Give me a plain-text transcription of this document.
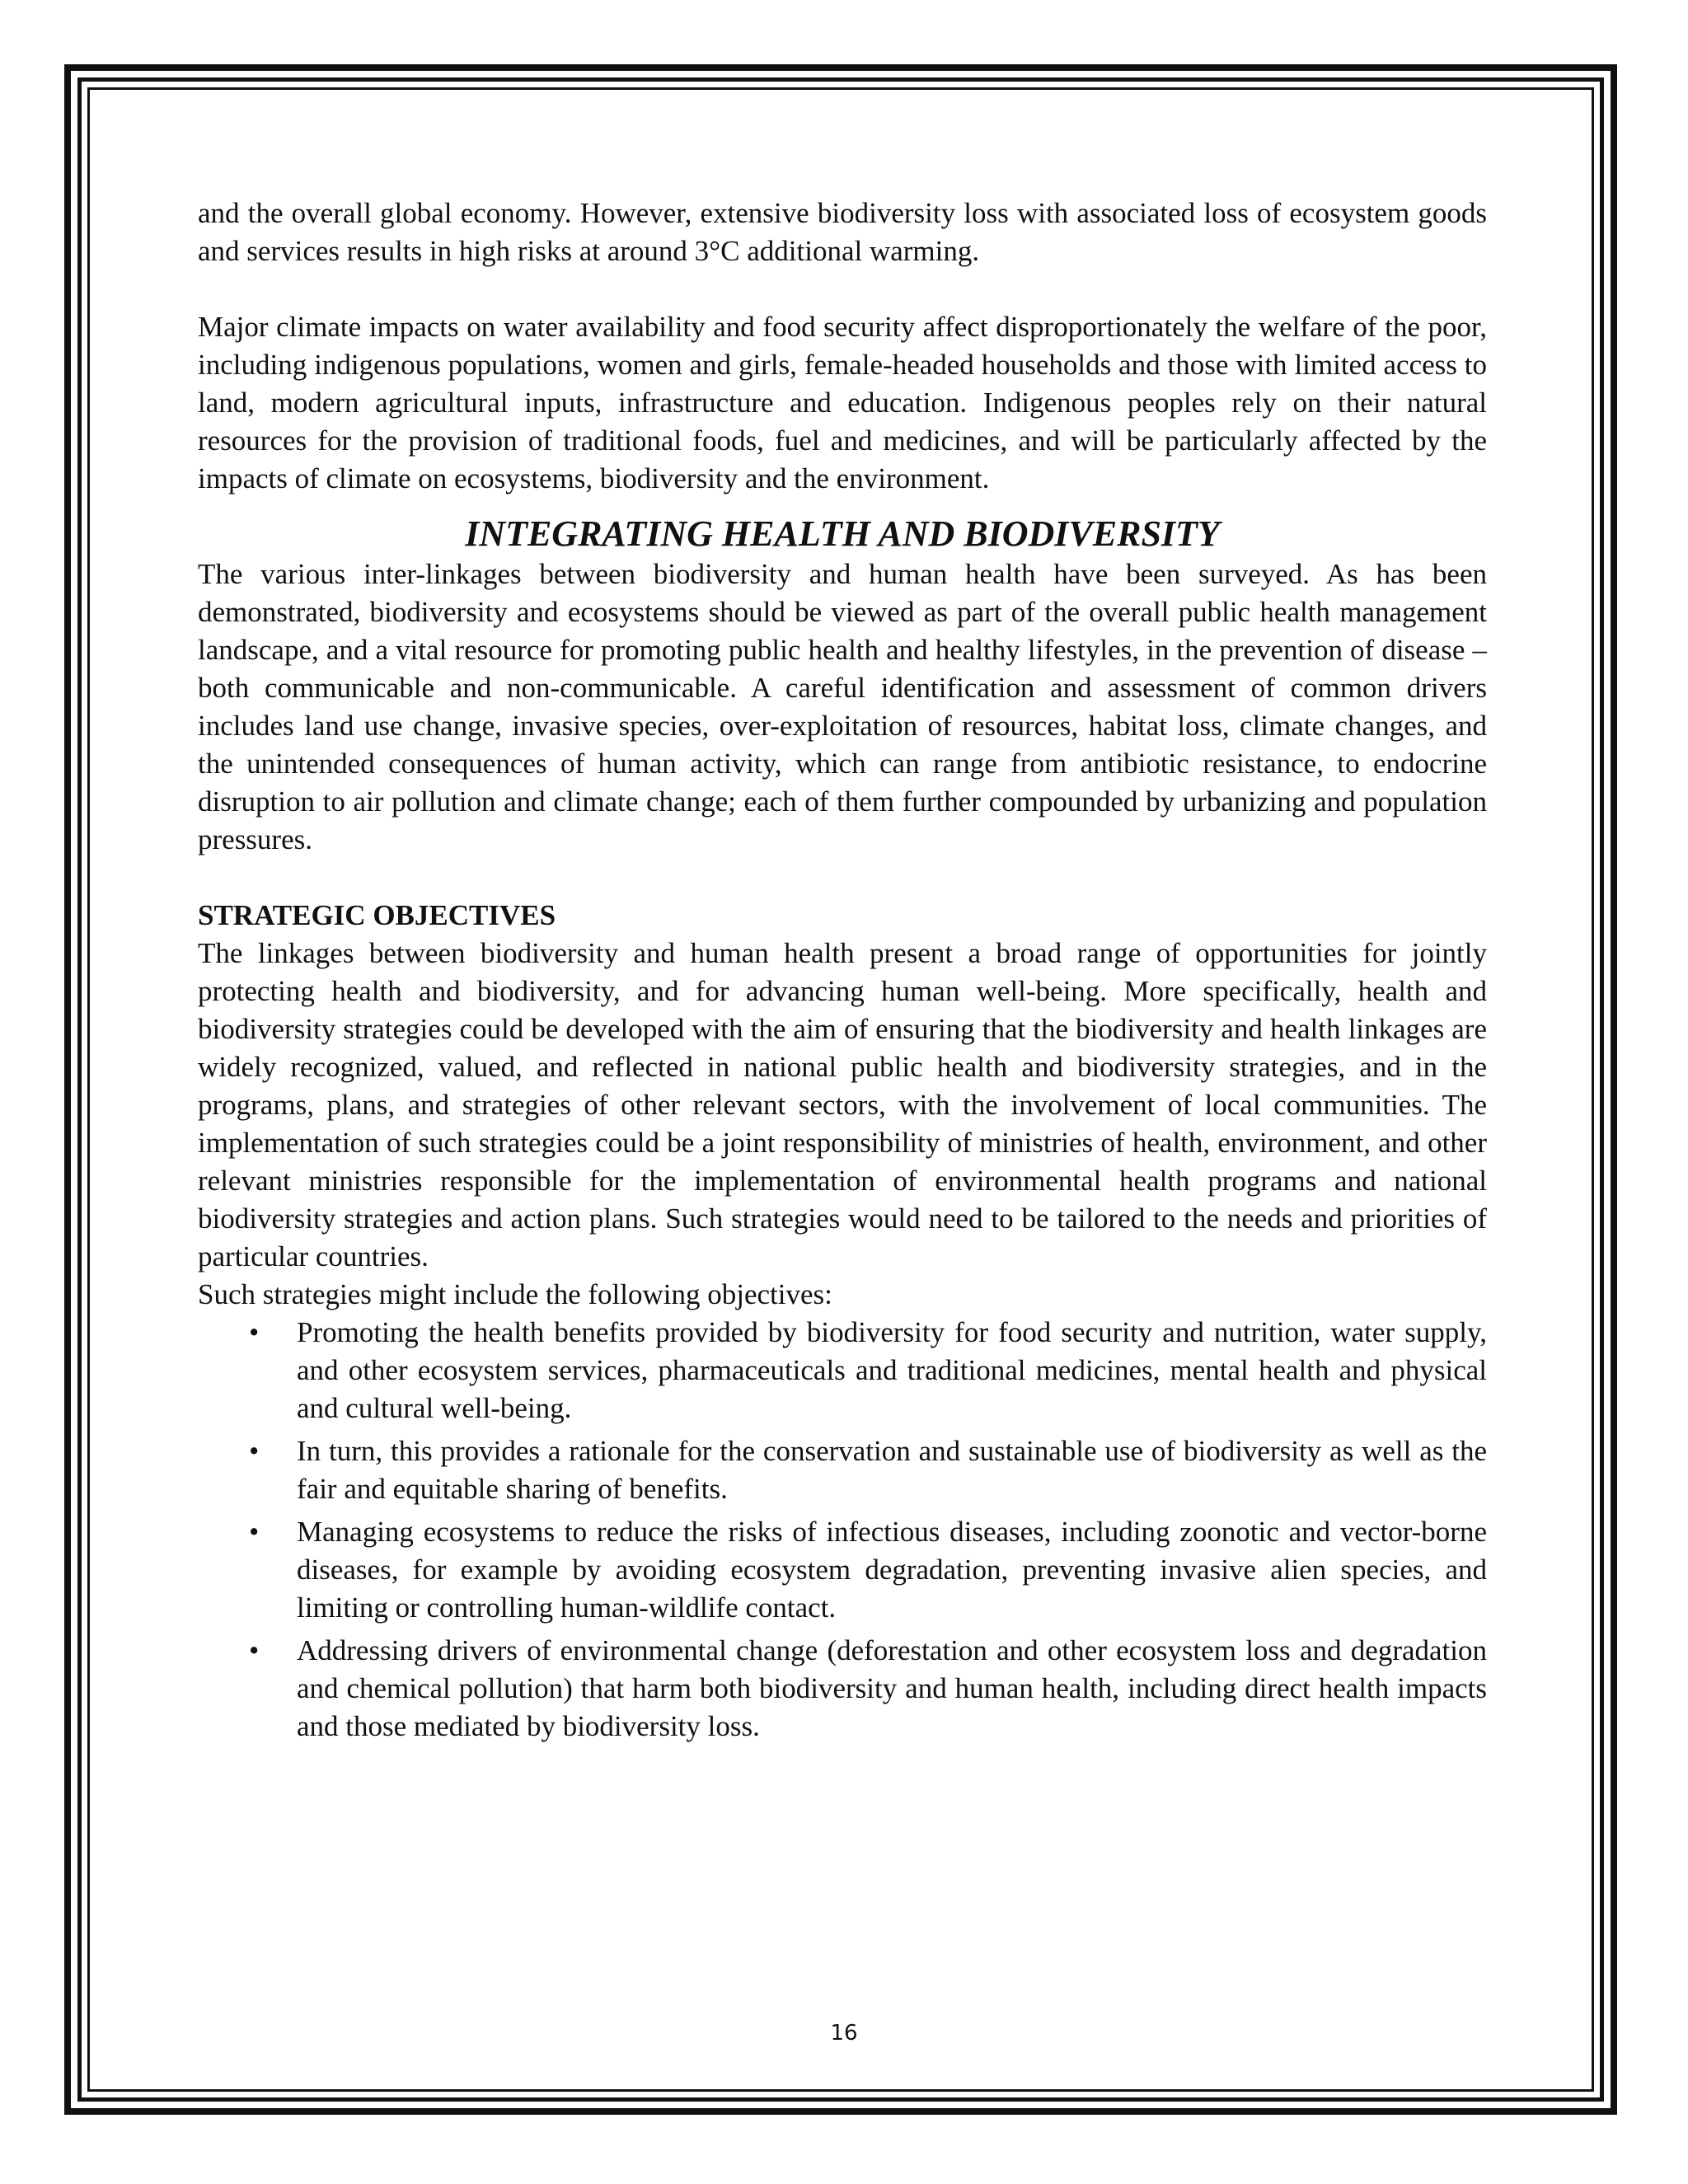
and the overall global economy. However, extensive biodiversity loss with associated loss of ecosystem goods and services results in high risks at around 3°C additional warming.

Major climate impacts on water availability and food security affect disproportionately the welfare of the poor, including indigenous populations, women and girls, female-headed households and those with limited access to land, modern agricultural inputs, infrastructure and education. Indigenous peoples rely on their natural resources for the provision of traditional foods, fuel and medicines, and will be particularly affected by the impacts of climate on ecosystems, biodiversity and the environment.

INTEGRATING HEALTH AND BIODIVERSITY

The various inter-linkages between biodiversity and human health have been surveyed. As has been demonstrated, biodiversity and ecosystems should be viewed as part of the overall public health management landscape, and a vital resource for promoting public health and healthy lifestyles, in the prevention of disease – both communicable and non-communicable. A careful identification and assessment of common drivers includes land use change, invasive species, over-exploitation of resources, habitat loss, climate changes, and the unintended consequences of human activity, which can range from antibiotic resistance, to endocrine disruption to air pollution and climate change; each of them further compounded by urbanizing and population pressures.

STRATEGIC OBJECTIVES

The linkages between biodiversity and human health present a broad range of opportunities for jointly protecting health and biodiversity, and for advancing human well-being. More specifically, health and biodiversity strategies could be developed with the aim of ensuring that the biodiversity and health linkages are widely recognized, valued, and reflected in national public health and biodiversity strategies, and in the programs, plans, and strategies of other relevant sectors, with the involvement of local communities. The implementation of such strategies could be a joint responsibility of ministries of health, environment, and other relevant ministries responsible for the implementation of environmental health programs and national biodiversity strategies and action plans. Such strategies would need to be tailored to the needs and priorities of particular countries.

Such strategies might include the following objectives:

• Promoting the health benefits provided by biodiversity for food security and nutrition, water supply, and other ecosystem services, pharmaceuticals and traditional medicines, mental health and physical and cultural well-being.
• In turn, this provides a rationale for the conservation and sustainable use of biodiversity as well as the fair and equitable sharing of benefits.
• Managing ecosystems to reduce the risks of infectious diseases, including zoonotic and vector-borne diseases, for example by avoiding ecosystem degradation, preventing invasive alien species, and limiting or controlling human-wildlife contact.
• Addressing drivers of environmental change (deforestation and other ecosystem loss and degradation and chemical pollution) that harm both biodiversity and human health, including direct health impacts and those mediated by biodiversity loss.
16
